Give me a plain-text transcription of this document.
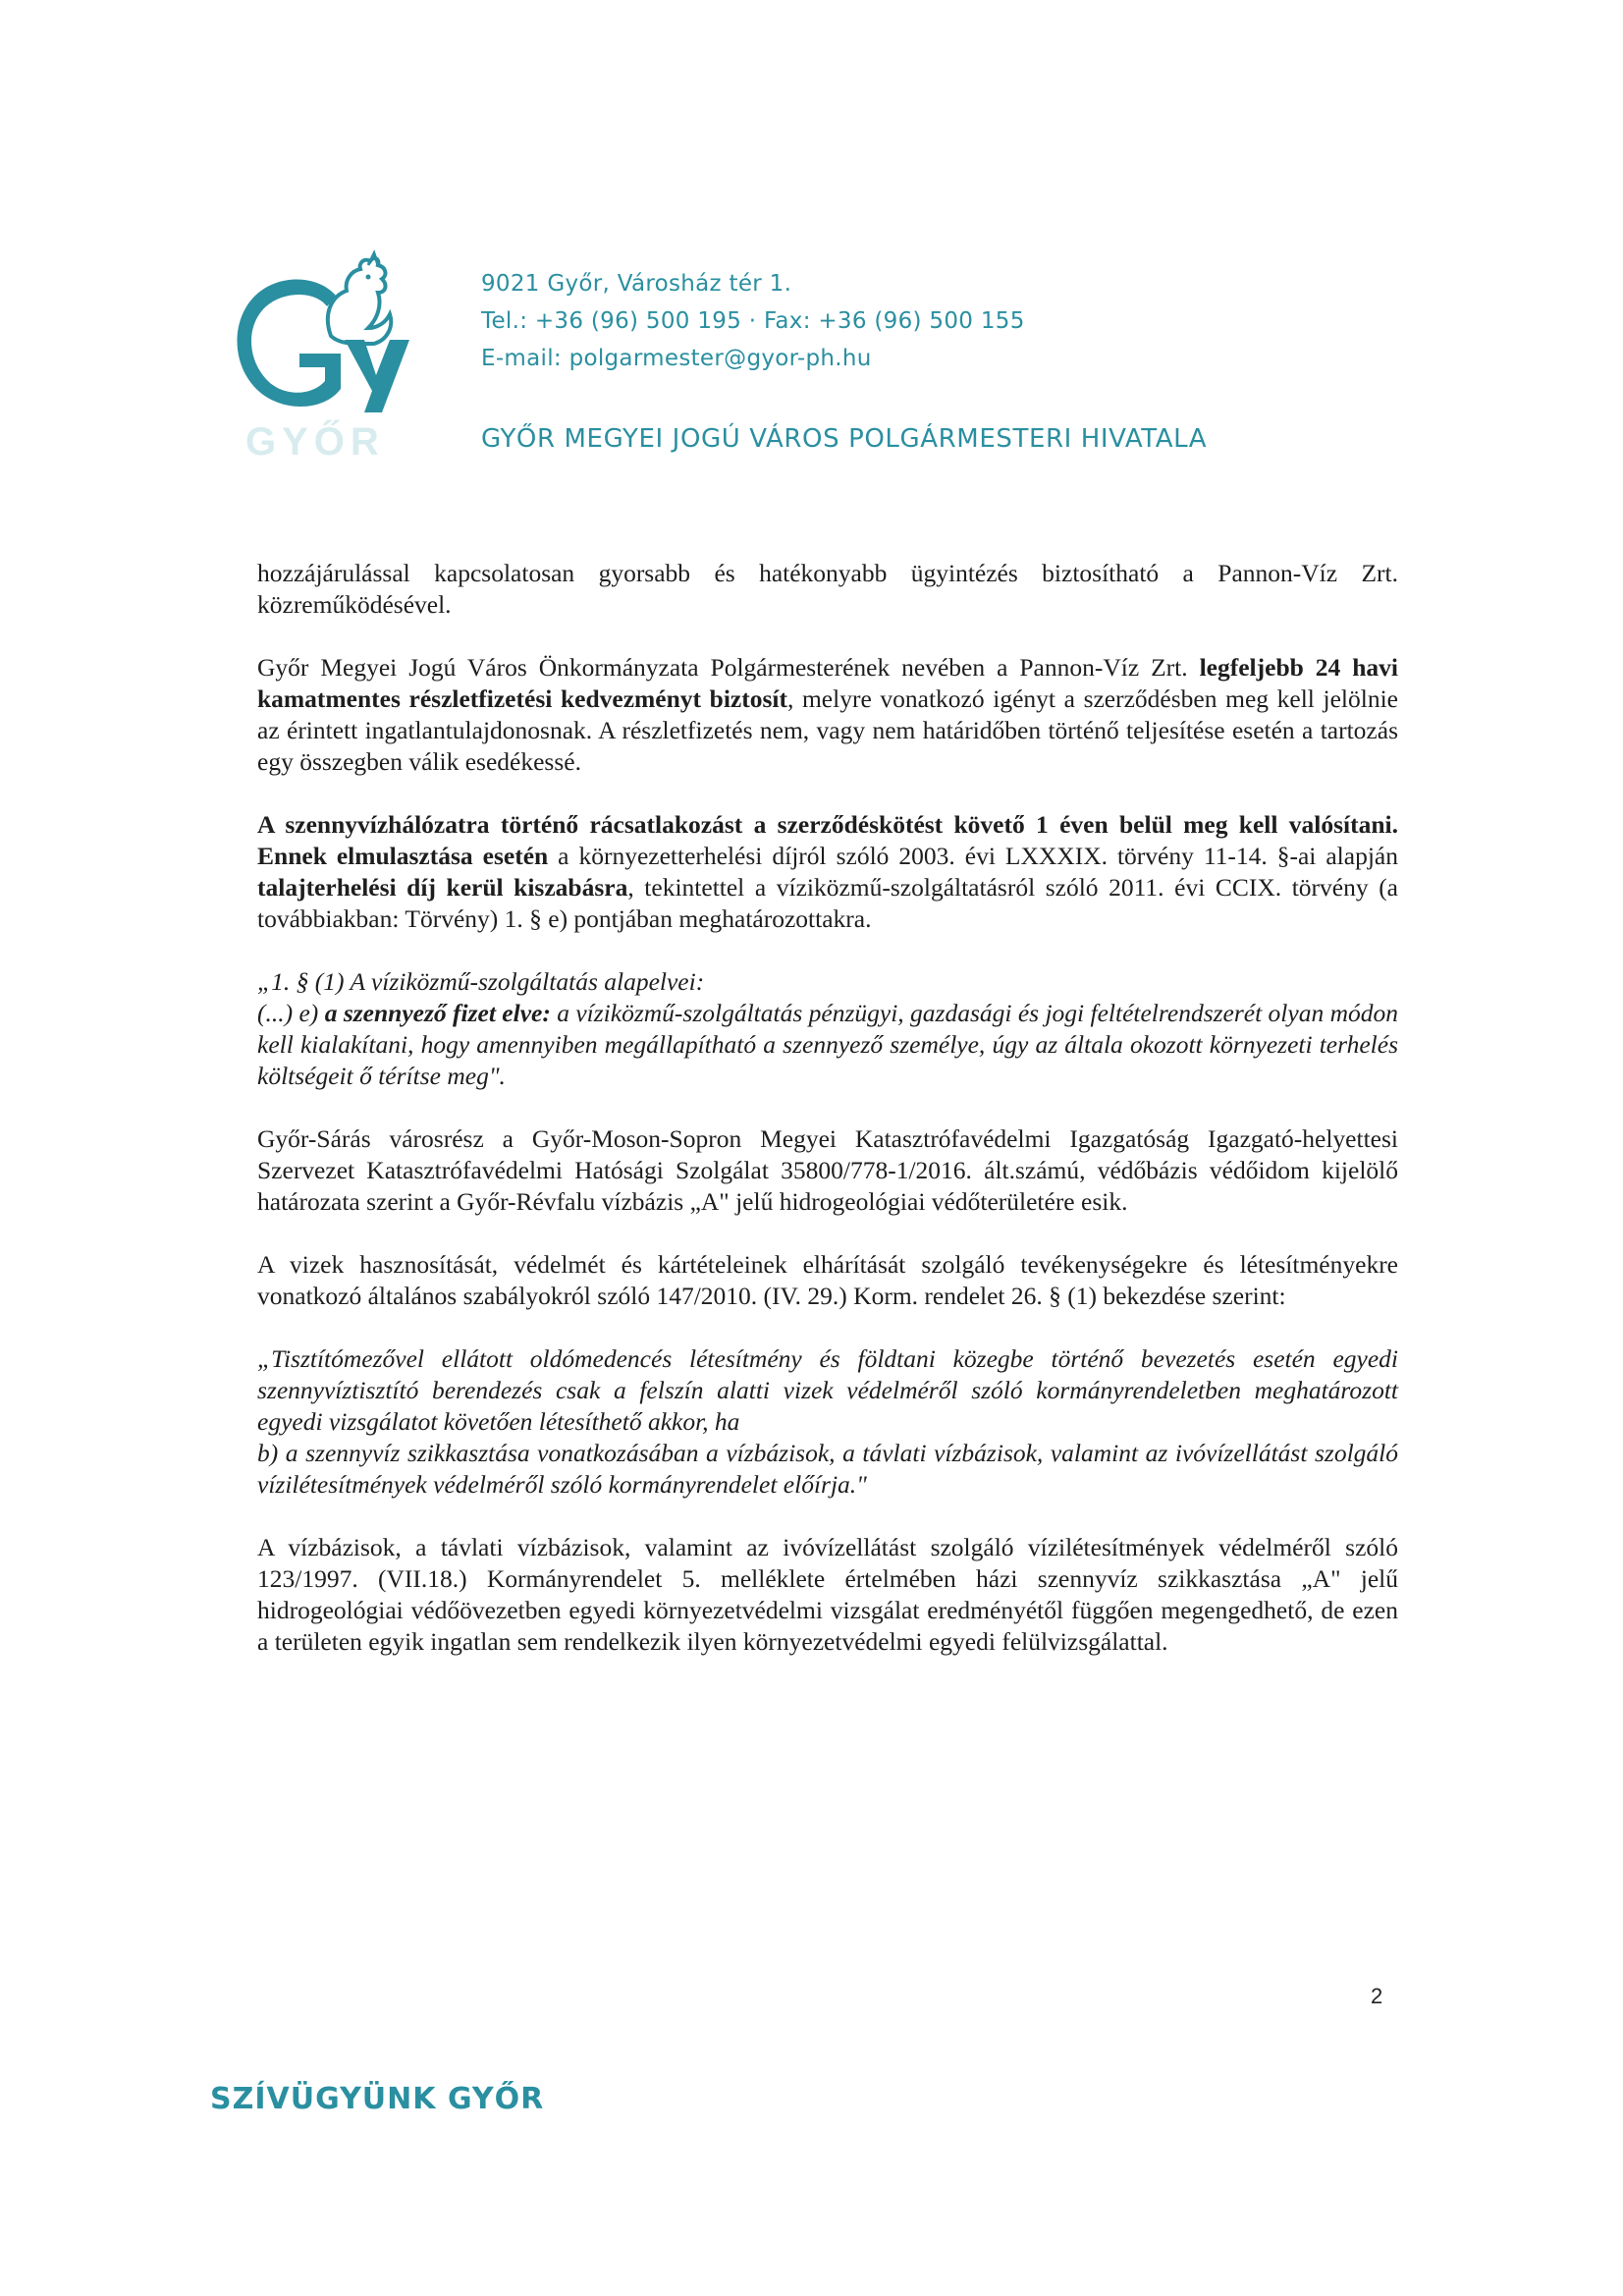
GYŐR
9021 Győr, Városház tér 1.
Tel.: +36 (96) 500 195 · Fax: +36 (96) 500 155
E-mail: polgarmester@gyor-ph.hu
GYŐR MEGYEI JOGÚ VÁROS POLGÁRMESTERI HIVATALA

hozzájárulással kapcsolatosan gyorsabb és hatékonyabb ügyintézés biztosítható a Pannon-Víz Zrt. közreműködésével.

Győr Megyei Jogú Város Önkormányzata Polgármesterének nevében a Pannon-Víz Zrt. legfeljebb 24 havi kamatmentes részletfizetési kedvezményt biztosít, melyre vonatkozó igényt a szerződésben meg kell jelölnie az érintett ingatlantulajdonosnak. A részletfizetés nem, vagy nem határidőben történő teljesítése esetén a tartozás egy összegben válik esedékessé.

A szennyvízhálózatra történő rácsatlakozást a szerződéskötést követő 1 éven belül meg kell valósítani. Ennek elmulasztása esetén a környezetterhelési díjról szóló 2003. évi LXXXIX. törvény 11-14. §-ai alapján talajterhelési díj kerül kiszabásra, tekintettel a víziközmű-szolgáltatásról szóló 2011. évi CCIX. törvény (a továbbiakban: Törvény) 1. § e) pontjában meghatározottakra.

„1. § (1) A víziközmű-szolgáltatás alapelvei:
(...) e) a szennyező fizet elve: a víziközmű-szolgáltatás pénzügyi, gazdasági és jogi feltételrendszerét olyan módon kell kialakítani, hogy amennyiben megállapítható a szennyező személye, úgy az általa okozott környezeti terhelés költségeit ő térítse meg".

Győr-Sárás városrész a Győr-Moson-Sopron Megyei Katasztrófavédelmi Igazgatóság Igazgató-helyettesi Szervezet Katasztrófavédelmi Hatósági Szolgálat 35800/778-1/2016. ált.számú, védőbázis védőidom kijelölő határozata szerint a Győr-Révfalu vízbázis „A" jelű hidrogeológiai védőterületére esik.

A vizek hasznosítását, védelmét és kártételeinek elhárítását szolgáló tevékenységekre és létesítményekre vonatkozó általános szabályokról szóló 147/2010. (IV. 29.) Korm. rendelet 26. § (1) bekezdése szerint:

„Tisztítómezővel ellátott oldómedencés létesítmény és földtani közegbe történő bevezetés esetén egyedi szennyvíztisztító berendezés csak a felszín alatti vizek védelméről szóló kormányrendeletben meghatározott egyedi vizsgálatot követően létesíthető akkor, ha
b) a szennyvíz szikkasztása vonatkozásában a vízbázisok, a távlati vízbázisok, valamint az ivóvízellátást szolgáló vízilétesítmények védelméről szóló kormányrendelet előírja."

A vízbázisok, a távlati vízbázisok, valamint az ivóvízellátást szolgáló vízilétesítmények védelméről szóló 123/1997. (VII.18.) Kormányrendelet 5. melléklete értelmében házi szennyvíz szikkasztása „A" jelű hidrogeológiai védőövezetben egyedi környezetvédelmi vizsgálat eredményétől függően megengedhető, de ezen a területen egyik ingatlan sem rendelkezik ilyen környezetvédelmi egyedi felülvizsgálattal.

2
SZÍVÜGYÜNK GYŐR
